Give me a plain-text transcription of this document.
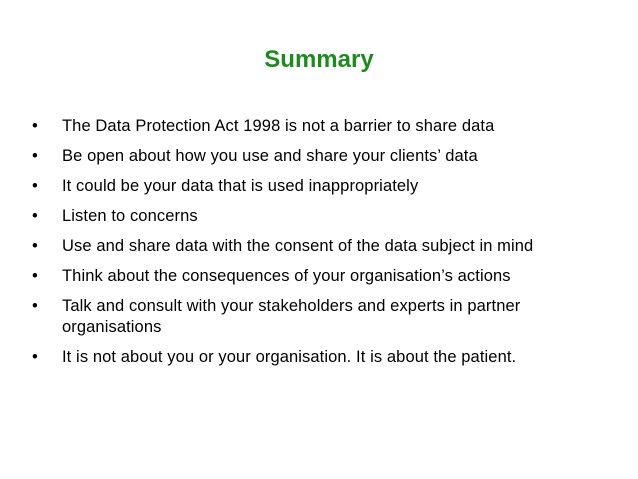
Summary
•	The Data Protection Act 1998 is not a barrier to share data
•	Be open about how you use and share your clients’ data
•	It could be your data that is used inappropriately
•	Listen to concerns
•	Use and share data with the consent of the data subject in mind
•	Think about the consequences of your organisation’s actions
•	Talk and consult with your stakeholders and experts in partner organisations
•	It is not about you or your organisation. It is about the patient.
